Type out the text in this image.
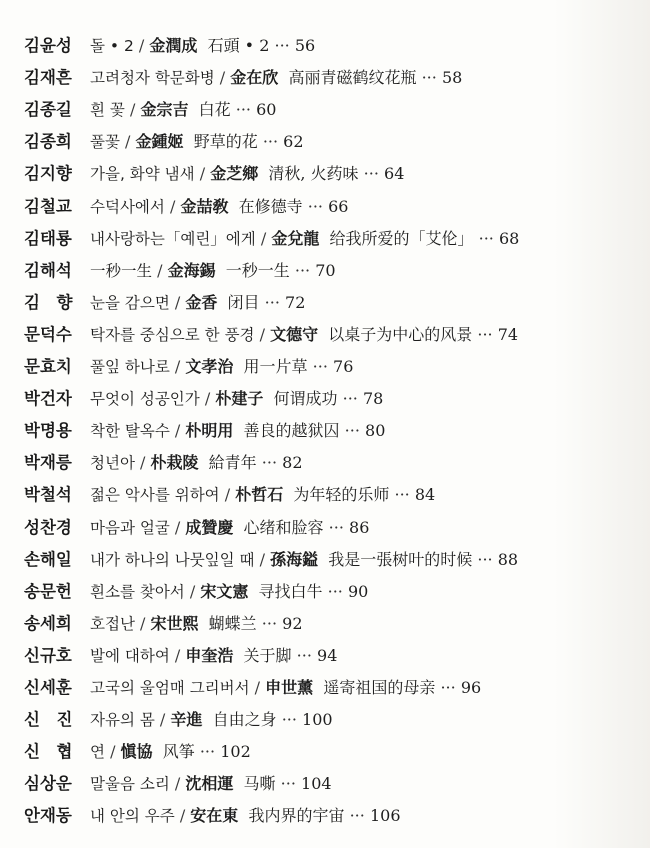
김윤성 돌 • 2 / 金潤成 石頭 • 2 ··· 56
김재흔 고려청자 학문화병 / 金在欣 高丽青磁鹤纹花瓶 ··· 58
김종길 흰 꽃 / 金宗吉 白花 ··· 60
김종희 풀꽃 / 金鍾姬 野草的花 ··· 62
김지향 가을, 화약 냄새 / 金芝鄉 清秋, 火药味 ··· 64
김철교 수덕사에서 / 金喆敎 在修德寺 ··· 66
김태룡 내사랑하는「예린」에게 / 金兌龍 给我所爱的「艾伦」 ··· 68
김해석 一秒一生 / 金海錫 一秒一生 ··· 70
김　향 눈을 감으면 / 金香 闭目 ··· 72
문덕수 탁자를 중심으로 한 풍경 / 文德守 以桌子为中心的风景 ··· 74
문효치 풀잎 하나로 / 文孝治 用一片草 ··· 76
박건자 무엇이 성공인가 / 朴建子 何谓成功 ··· 78
박명용 착한 탈옥수 / 朴明用 善良的越狱囚 ··· 80
박재릉 청년아 / 朴栽陵 給青年 ··· 82
박철석 젊은 악사를 위하여 / 朴哲石 为年轻的乐师 ··· 84
성찬경 마음과 얼굴 / 成贊慶 心绪和脸容 ··· 86
손해일 내가 하나의 나뭇잎일 때 / 孫海鎰 我是一張树叶的时候 ··· 88
송문헌 흰소를 찾아서 / 宋文憲 寻找白牛 ··· 90
송세희 호접난 / 宋世熙 蝴蝶兰 ··· 92
신규호 발에 대하여 / 申奎浩 关于脚 ··· 94
신세훈 고국의 울엄매 그리버서 / 申世薰 遥寄祖国的母亲 ··· 96
신　진 자유의 몸 / 辛進 自由之身 ··· 100
신　협 연 / 愼協 风筝 ··· 102
심상운 말울음 소리 / 沈相運 马嘶 ··· 104
안재동 내 안의 우주 / 安在東 我内界的宇宙 ··· 106
